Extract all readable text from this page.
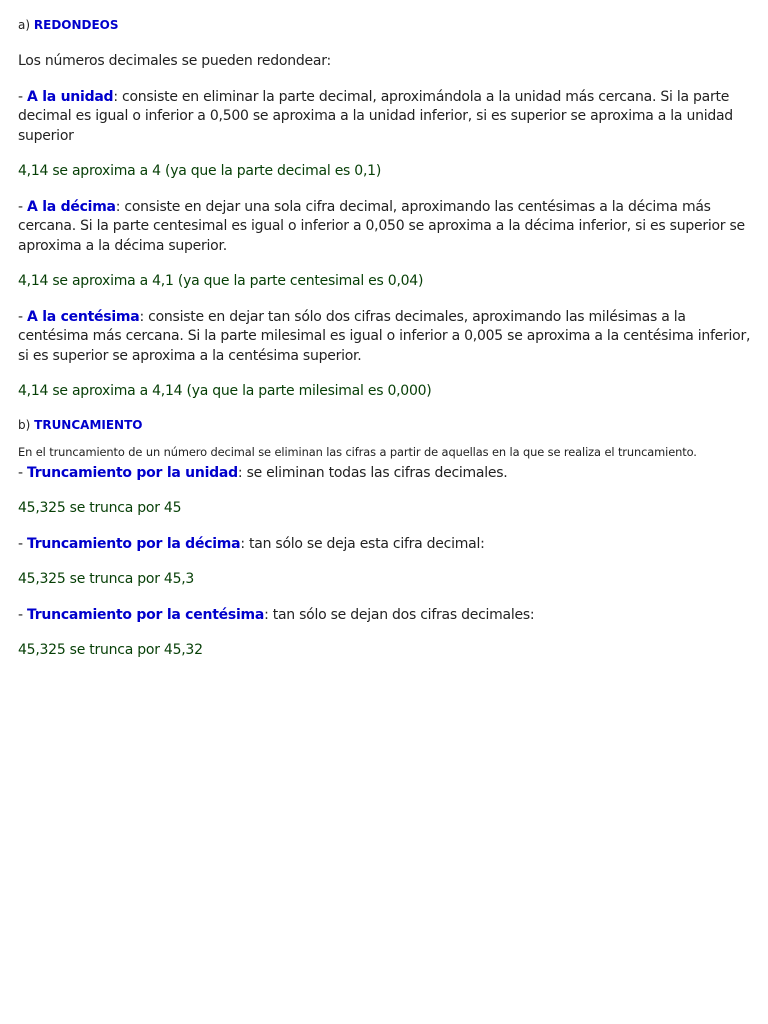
a) REDONDEOS

Los números decimales se pueden redondear:

- A la unidad: consiste en eliminar la parte decimal, aproximándola a la unidad más cercana. Si la parte decimal es igual o inferior a 0,500 se aproxima a la unidad inferior, si es superior se aproxima a la unidad superior

4,14 se aproxima a 4 (ya que la parte decimal es 0,1)

- A la décima: consiste en dejar una sola cifra decimal, aproximando las centésimas a la décima más cercana. Si la parte centesimal es igual o inferior a 0,050 se aproxima a la décima inferior, si es superior se aproxima a la décima superior.

4,14 se aproxima a 4,1 (ya que la parte centesimal es 0,04)

- A la centésima: consiste en dejar tan sólo dos cifras decimales, aproximando las milésimas a la centésima más cercana. Si la parte milesimal es igual o inferior a 0,005 se aproxima a la centésima inferior, si es superior se aproxima a la centésima superior.

4,14 se aproxima a 4,14 (ya que la parte milesimal es 0,000)

b) TRUNCAMIENTO

En el truncamiento de un número decimal se eliminan las cifras a partir de aquellas en la que se realiza el truncamiento.

- Truncamiento por la unidad: se eliminan todas las cifras decimales.

45,325 se trunca por 45

- Truncamiento por la décima: tan sólo se deja esta cifra decimal:

45,325 se trunca por 45,3

- Truncamiento por la centésima: tan sólo se dejan dos cifras decimales:

45,325 se trunca por 45,32
